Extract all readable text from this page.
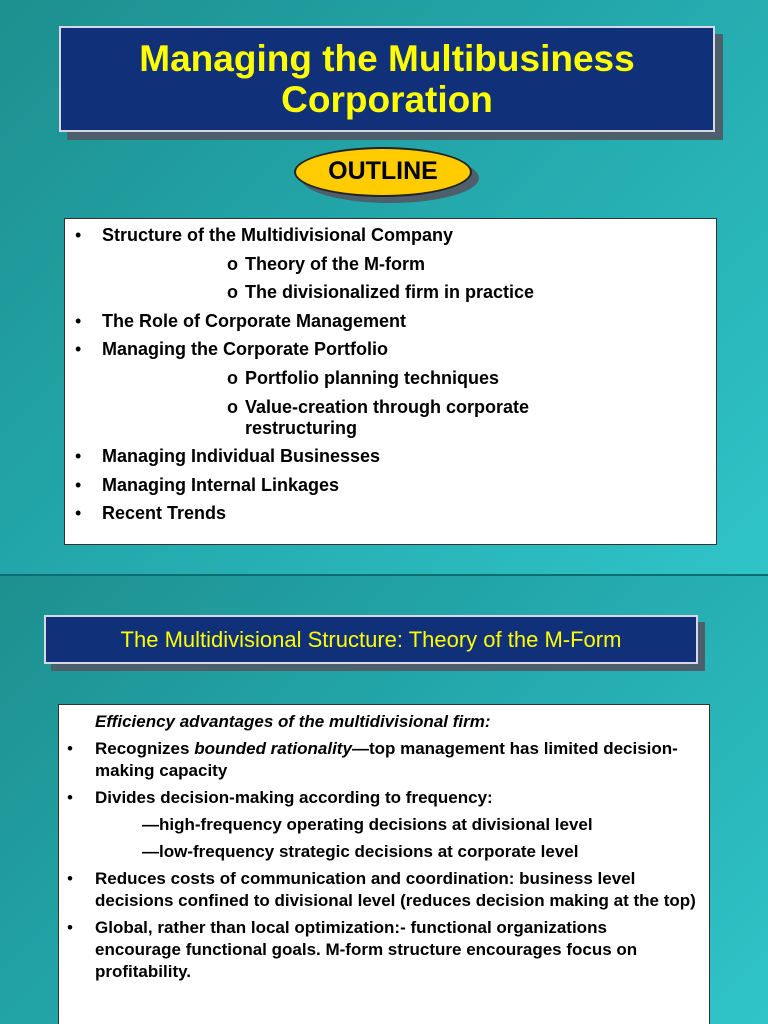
Managing the Multibusiness
Corporation
OUTLINE
• Structure of the Multidivisional Company
o Theory of the M-form
o The divisionalized firm in practice
• The Role of Corporate Management
• Managing the Corporate Portfolio
o Portfolio planning techniques
o Value-creation through corporate restructuring
• Managing Individual Businesses
• Managing Internal Linkages
• Recent Trends
The Multidivisional Structure: Theory of the M-Form
Efficiency advantages of the multidivisional firm:
• Recognizes bounded rationality—top management has limited decision-making capacity
• Divides decision-making according to frequency:
—high-frequency operating decisions at divisional level
—low-frequency strategic decisions at corporate level
• Reduces costs of communication and coordination: business level decisions confined to divisional level (reduces decision making at the top)
• Global, rather than local optimization:- functional organizations encourage functional goals. M-form structure encourages focus on profitability.
